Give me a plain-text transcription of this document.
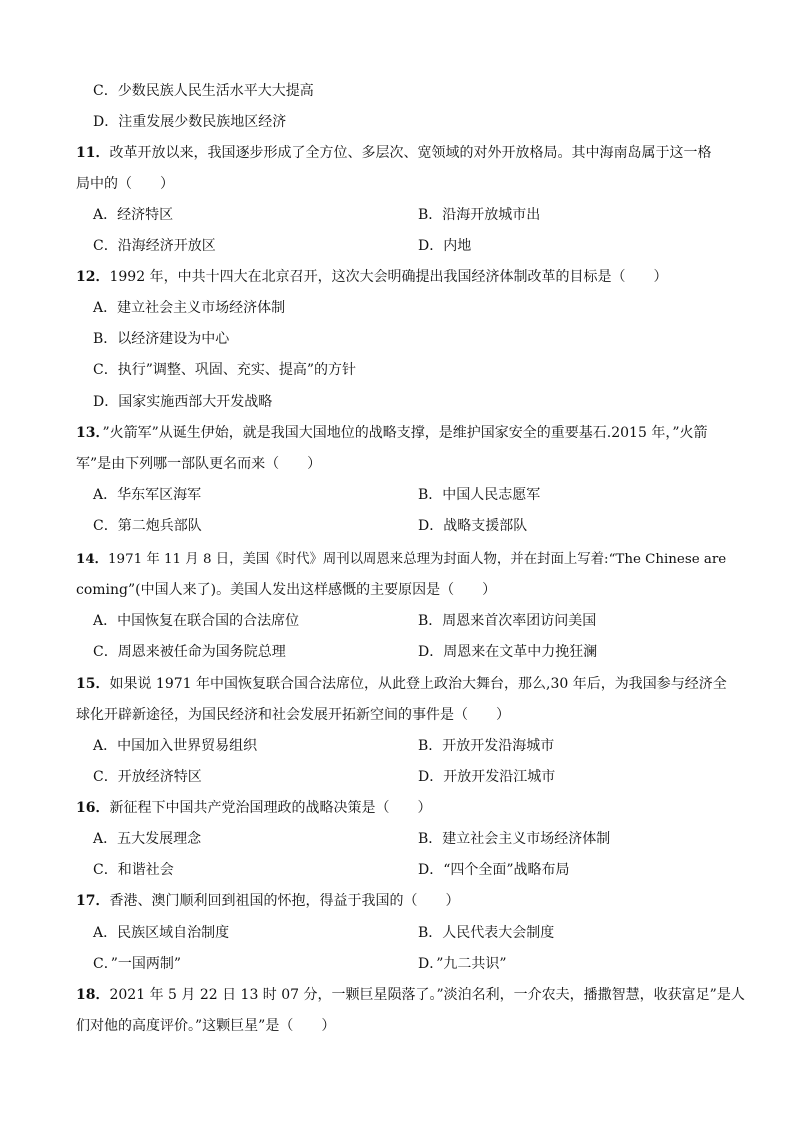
C．少数民族人民生活水平大大提高
D．注重发展少数民族地区经济
11．改革开放以来，我国逐步形成了全方位、多层次、宽领域的对外开放格局。其中海南岛属于这一格
局中的（　　）
A．经济特区	B．沿海开放城市出
C．沿海经济开放区	D．内地
12．1992 年，中共十四大在北京召开，这次大会明确提出我国经济体制改革的目标是（　　）
A．建立社会主义市场经济体制
B．以经济建设为中心
C．执行”调整、巩固、充实、提高”的方针
D．国家实施西部大开发战略
13．”火箭军”从诞生伊始，就是我国大国地位的战略支撑，是维护国家安全的重要基石.2015 年，”火箭
军”是由下列哪一部队更名而来（　　）
A．华东军区海军	B．中国人民志愿军
C．第二炮兵部队	D．战略支援部队
14．1971 年 11 月 8 日，美国《时代》周刊以周恩来总理为封面人物，并在封面上写着:“The Chinese are
coming”(中国人来了)。美国人发出这样感慨的主要原因是（　　）
A．中国恢复在联合国的合法席位	B．周恩来首次率团访问美国
C．周恩来被任命为国务院总理	D．周恩来在文革中力挽狂澜
15．如果说 1971 年中国恢复联合国合法席位，从此登上政治大舞台，那么,30 年后，为我国参与经济全
球化开辟新途径，为国民经济和社会发展开拓新空间的事件是（　　）
A．中国加入世界贸易组织	B．开放开发沿海城市
C．开放经济特区	D．开放开发沿江城市
16．新征程下中国共产党治国理政的战略决策是（　　）
A．五大发展理念	B．建立社会主义市场经济体制
C．和谐社会	D．“四个全面”战略布局
17．香港、澳门顺利回到祖国的怀抱，得益于我国的（　　）
A．民族区域自治制度	B．人民代表大会制度
C．”一国两制”	D．”九二共识”
18．2021 年 5 月 22 日 13 时 07 分，一颗巨星陨落了。”淡泊名利，一介农夫，播撒智慧，收获富足”是人
们对他的高度评价。”这颗巨星”是（　　）
